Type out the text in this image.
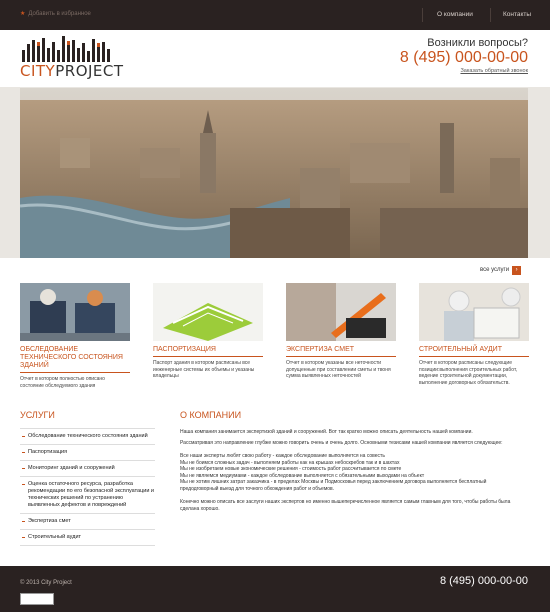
★ Добавить в избранное	О компании	Контакты
CITYPROJECT
Возникли вопросы?
8 (495) 000-00-00
Заказать обратный звонок
все услуги ›
ОБСЛЕДОВАНИЕ ТЕХНИЧЕСКОГО СОСТОЯНИЯ ЗДАНИЙ
Отчет в котором полностью описано состояние обследуемого здания
ПАСПОРТИЗАЦИЯ
Паспорт здания в котором расписаны все инженерные системы их объемы и указаны владельцы
ЭКСПЕРТИЗА СМЕТ
Отчет в котором указаны все неточности допущенные при составлении сметы и твоня сумма выявленных неточностей
СТРОИТЕЛЬНЫЙ АУДИТ
Отчет в котором расписаны следующие позиции:выполнения строительных работ, ведение строительной документации, выполнение договорных обязательств.
УСЛУГИ
Обследование технического состояния зданий
Паспортизация
Мониторинг зданий и сооружений
Оценка остаточного ресурса, разработка рекомендации по его безопасной эксплуатации и технических решений по устранению выявленных дефектов и повреждений
Экспертиза смет
Строительный аудит
О КОМПАНИИ

Наша компания занимается экспертизой зданий и сооружений. Вот так кратко можно описать деятельность нашей компании.

Рассматривая это направление глубже можно говорить очень и очень долго. Основными тезисами нашей компании является следующее:

Все наши эксперты любят свою работу - каждое обследование выполняется на совесть
Мы не боимся сложных задач - выполняем работы как на крышах небоскребов так и в шахтах
Мы не изобретаем новые экономические решения - стоимость работ рассчитывается по смете
Мы не являемся медиумами - каждое обследование выполняется с обязательными выходами на объект
Мы не хотим лишних затрат заказчика - в пределах Москвы и Подмосковья перед заключением договора выполняется бесплатный предодговорный выезд для точного обхождения работ и объемов.

Конечно можно описать все заслуги наших экспертов но именно вышеперечисленное является самым главным для того, чтобы работы была сделана хорошо.

© 2013 City Project	8 (495) 000-00-00
